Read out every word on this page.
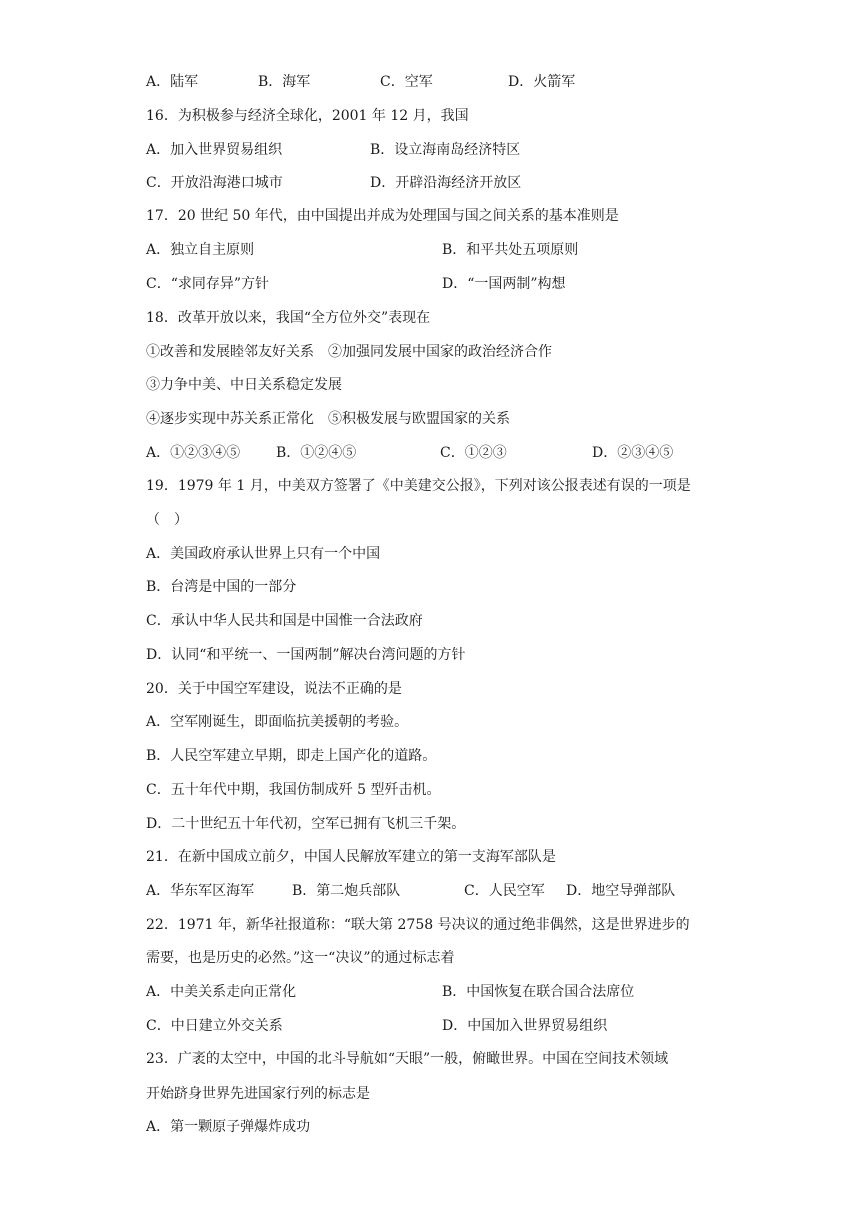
A．陆军	B．海军	C．空军	D．火箭军
16．为积极参与经济全球化，2001 年 12 月，我国
A．加入世界贸易组织	B．设立海南岛经济特区
C．开放沿海港口城市	D．开辟沿海经济开放区
17．20 世纪 50 年代，由中国提出并成为处理国与国之间关系的基本准则是
A．独立自主原则	B．和平共处五项原则
C．“求同存异”方针	D．“一国两制”构想
18．改革开放以来，我国“全方位外交”表现在
①改善和发展睦邻友好关系　②加强同发展中国家的政治经济合作
③力争中美、中日关系稳定发展
④逐步实现中苏关系正常化　⑤积极发展与欧盟国家的关系
A．①②③④⑤	B．①②④⑤	C．①②③	D．②③④⑤
19．1979 年 1 月，中美双方签署了《中美建交公报》，下列对该公报表述有误的一项是
（　）
A．美国政府承认世界上只有一个中国
B．台湾是中国的一部分
C．承认中华人民共和国是中国惟一合法政府
D．认同“和平统一、一国两制”解决台湾问题的方针
20．关于中国空军建设，说法不正确的是
A．空军刚诞生，即面临抗美援朝的考验。
B．人民空军建立早期，即走上国产化的道路。
C．五十年代中期，我国仿制成歼 5 型歼击机。
D．二十世纪五十年代初，空军已拥有飞机三千架。
21．在新中国成立前夕，中国人民解放军建立的第一支海军部队是
A．华东军区海军	B．第二炮兵部队	C．人民空军 D．地空导弹部队
22．1971 年，新华社报道称：“联大第 2758 号决议的通过绝非偶然，这是世界进步的
需要，也是历史的必然。”这一“决议”的通过标志着
A．中美关系走向正常化	B．中国恢复在联合国合法席位
C．中日建立外交关系	D．中国加入世界贸易组织
23．广袤的太空中，中国的北斗导航如“天眼”一般，俯瞰世界。中国在空间技术领域
开始跻身世界先进国家行列的标志是
A．第一颗原子弹爆炸成功
